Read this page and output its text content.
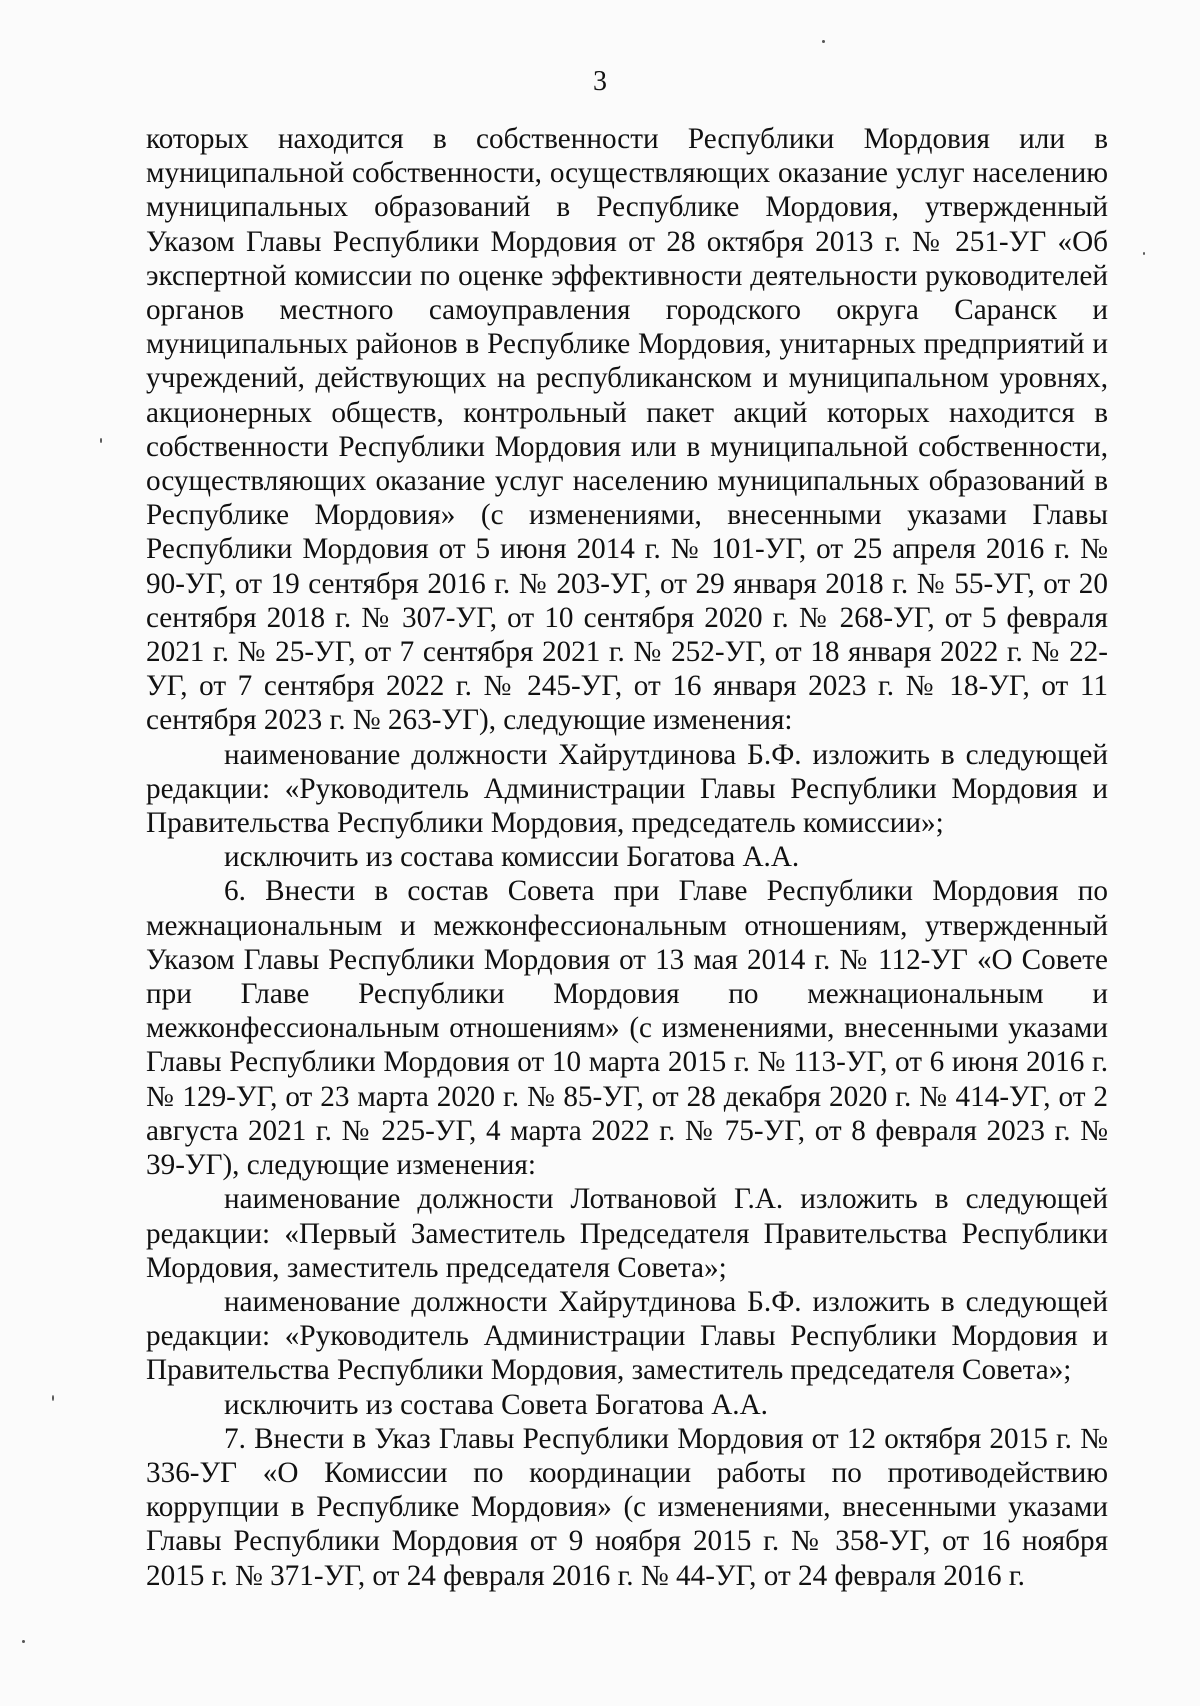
3

которых находится в собственности Республики Мордовия или в муниципальной собственности, осуществляющих оказание услуг населению муниципальных образований в Республике Мордовия, утвержденный Указом Главы Республики Мордовия от 28 октября 2013 г. № 251-УГ «Об экспертной комиссии по оценке эффективности деятельности руководителей органов местного самоуправления городского округа Саранск и муниципальных районов в Республике Мордовия, унитарных предприятий и учреждений, действующих на республиканском и муниципальном уровнях, акционерных обществ, контрольный пакет акций которых находится в собственности Республики Мордовия или в муниципальной собственности, осуществляющих оказание услуг населению муниципальных образований в Республике Мордовия» (с изменениями, внесенными указами Главы Республики Мордовия от 5 июня 2014 г. № 101-УГ, от 25 апреля 2016 г. № 90-УГ, от 19 сентября 2016 г. № 203-УГ, от 29 января 2018 г. № 55-УГ, от 20 сентября 2018 г. № 307-УГ, от 10 сентября 2020 г. № 268-УГ, от 5 февраля 2021 г. № 25-УГ, от 7 сентября 2021 г. № 252-УГ, от 18 января 2022 г. № 22-УГ, от 7 сентября 2022 г. № 245-УГ, от 16 января 2023 г. № 18-УГ, от 11 сентября 2023 г. № 263-УГ), следующие изменения:

наименование должности Хайрутдинова Б.Ф. изложить в следующей редакции: «Руководитель Администрации Главы Республики Мордовия и Правительства Республики Мордовия, председатель комиссии»;

исключить из состава комиссии Богатова А.А.

6. Внести в состав Совета при Главе Республики Мордовия по межнациональным и межконфессиональным отношениям, утвержденный Указом Главы Республики Мордовия от 13 мая 2014 г. № 112-УГ «О Совете при Главе Республики Мордовия по межнациональным и межконфессиональным отношениям» (с изменениями, внесенными указами Главы Республики Мордовия от 10 марта 2015 г. № 113-УГ, от 6 июня 2016 г. № 129-УГ, от 23 марта 2020 г. № 85-УГ, от 28 декабря 2020 г. № 414-УГ, от 2 августа 2021 г. № 225-УГ, 4 марта 2022 г. № 75-УГ, от 8 февраля 2023 г. № 39-УГ), следующие изменения:

наименование должности Лотвановой Г.А. изложить в следующей редакции: «Первый Заместитель Председателя Правительства Республики Мордовия, заместитель председателя Совета»;

наименование должности Хайрутдинова Б.Ф. изложить в следующей редакции: «Руководитель Администрации Главы Республики Мордовия и Правительства Республики Мордовия, заместитель председателя Совета»;

исключить из состава Совета Богатова А.А.

7. Внести в Указ Главы Республики Мордовия от 12 октября 2015 г. № 336-УГ «О Комиссии по координации работы по противодействию коррупции в Республике Мордовия» (с изменениями, внесенными указами Главы Республики Мордовия от 9 ноября 2015 г. № 358-УГ, от 16 ноября 2015 г. № 371-УГ, от 24 февраля 2016 г. № 44-УГ, от 24 февраля 2016 г.
